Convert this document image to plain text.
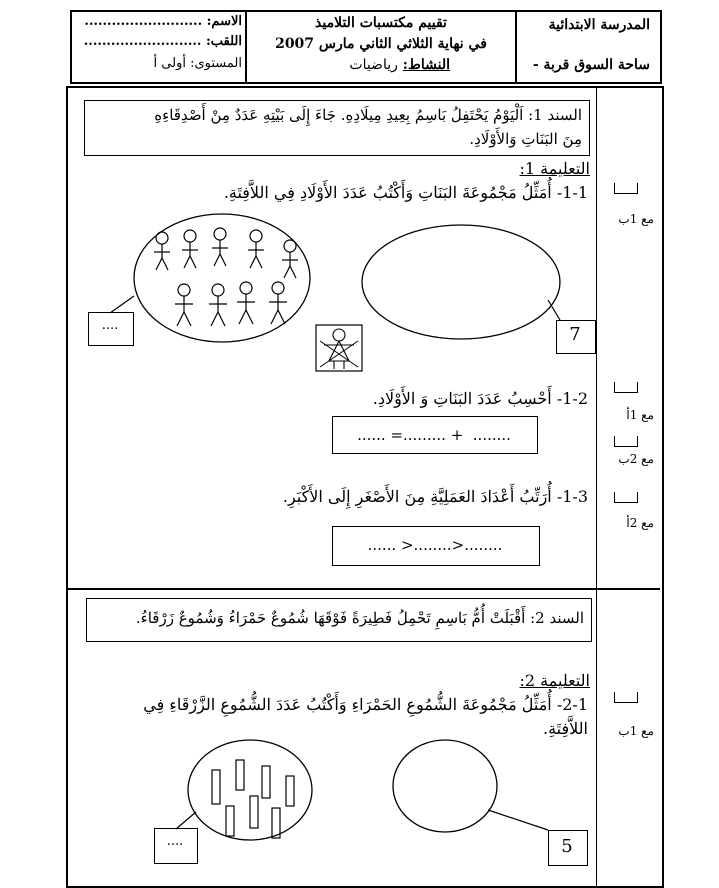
المدرسة الابتدائية
ساحة السوق قربة -
تقييم مكتسبات التلاميذ
في نهاية الثلاثي الثاني مارس 2007
النشاط: رياضيات
الاسم: ..........................
اللقب: ..........................
المستوى: أولى أ
السند 1: اَلْيَوْمُ يَحْتَفِلُ بَاسِمُ بِعِيدِ مِيلَادِهِ. جَاءَ إِلَى بَيْتِهِ عَدَدٌ مِنْ أَصْدِقَاءِهِ
مِنَ البَنَاتِ وَالأَوْلَادِ.
التعليمة 1:
1-1- أُمَثِّلُ مَجْمُوعَةَ البَنَاتِ وَأَكْتُبُ عَدَدَ الأَوْلَادِ فِي اللاَّفِتَةِ.
1-2- أَحْسِبُ عَدَدَ البَنَاتِ وَ الأَوْلَادِ.
...... =......... +  ........
1-3- أُرَتِّبُ أَعْدَادَ العَمَلِيَّةِ مِنَ الأَصْغَرِ إِلَى الأَكْبَرِ.
...... >........>........
....	7
مع 1ب
مع 1أ
مع 2ب
مع 2أ
السند 2: أَقْبَلَتْ أُمُّ بَاسِمِ تَحْمِلُ فَطِيرَةً فَوْقَهَا شُمُوعٌ حَمْرَاءُ وَشُمُوعٌ زَرْقَاءُ.
التعليمة 2:
2-1- أُمَثِّلُ مَجْمُوعَةَ الشُّمُوعِ الحَمْرَاءِ وَأَكْتُبُ عَدَدَ الشُّمُوعِ الزَّرْقَاءِ فِي
اللاَّفِتَةِ.
....	5
مع 1ب
